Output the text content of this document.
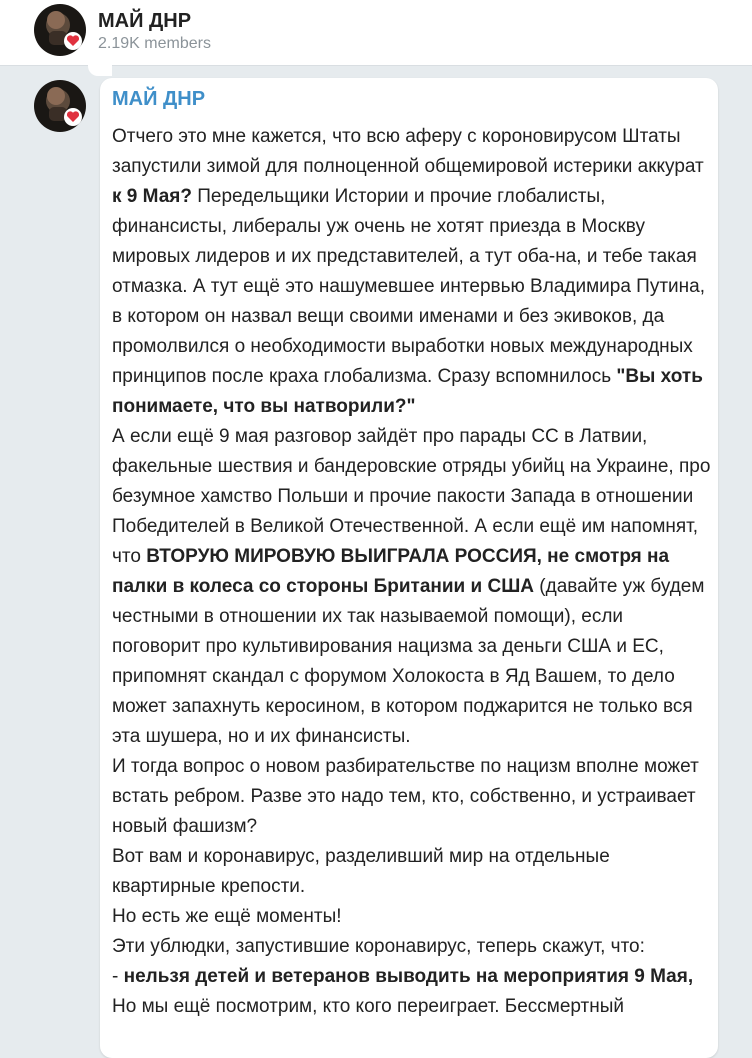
МАЙ ДНР
2.19K members
МАЙ ДНР

Отчего это мне кажется, что всю аферу с короновирусом Штаты запустили зимой для полноценной общемировой истерики аккурат к 9 Мая? Передельщики Истории и прочие глобалисты, финансисты, либералы уж очень не хотят приезда в Москву мировых лидеров и их представителей, а тут оба-на, и тебе такая отмазка. А тут ещё это нашумевшее интервью Владимира Путина, в котором он назвал вещи своими именами и без экивоков, да промолвился о необходимости выработки новых международных принципов после краха глобализма. Сразу вспомнилось "Вы хоть понимаете, что вы натворили?"

А если ещё 9 мая разговор зайдёт про парады СС в Латвии, факельные шествия и бандеровские отряды убийц на Украине, про безумное хамство Польши и прочие пакости Запада в отношении Победителей в Великой Отечественной. А если ещё им напомнят, что ВТОРУЮ МИРОВУЮ ВЫИГРАЛА РОССИЯ, не смотря на палки в колеса со стороны Британии и США (давайте уж будем честными в отношении их так называемой помощи), если поговорит про культивирования нацизма за деньги США и ЕС, припомнят скандал с форумом Холокоста в Яд Вашем, то дело может запахнуть керосином, в котором поджарится не только вся эта шушера, но и их финансисты.

И тогда вопрос о новом разбирательстве по нацизм вполне может встать ребром. Разве это надо тем, кто, собственно, и устраивает новый фашизм?

Вот вам и коронавирус, разделивший мир на отдельные квартирные крепости.

Но есть же ещё моменты!

Эти ублюдки, запустившие коронавирус, теперь скажут, что:

- нельзя детей и ветеранов выводить на мероприятия 9 Мая,

Но мы ещё посмотрим, кто кого переиграет. Бессмертный
